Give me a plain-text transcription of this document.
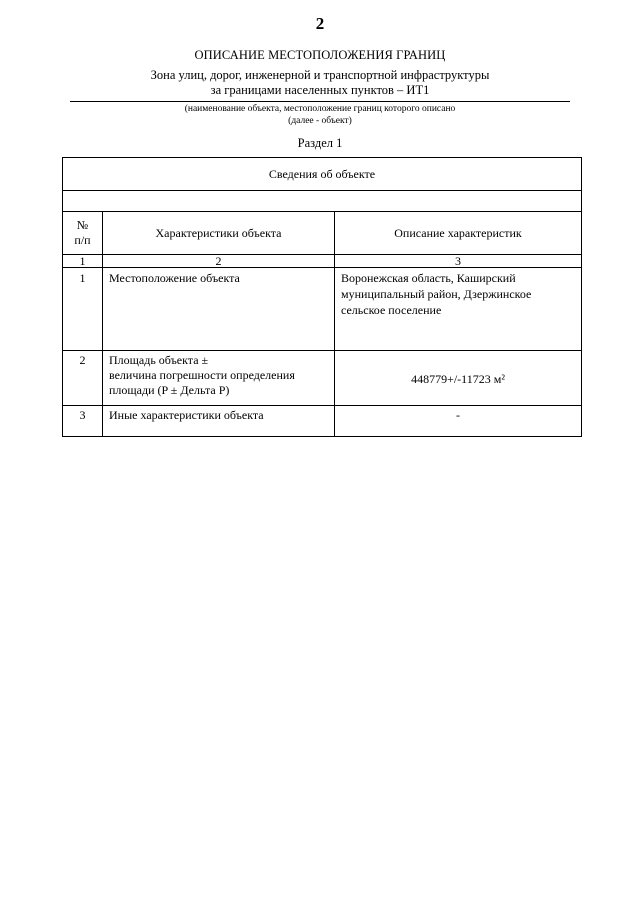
2
ОПИСАНИЕ МЕСТОПОЛОЖЕНИЯ ГРАНИЦ
Зона улиц, дорог, инженерной и транспортной инфраструктуры
за границами населенных пунктов – ИТ1
(наименование объекта, местоположение границ которого описано
(далее - объект)
Раздел 1
Сведения об объекте		

№
п/п	Характеристики объекта	Описание характеристик
1	2	3
1	Местоположение объекта	Воронежская область, Каширский
муниципальный район, Дзержинское
сельское поселение

2	Площадь объекта ±
величина погрешности определения
площади (P ± Дельта P)	448779+/-11723 м²

3	Иные характеристики объекта	-
